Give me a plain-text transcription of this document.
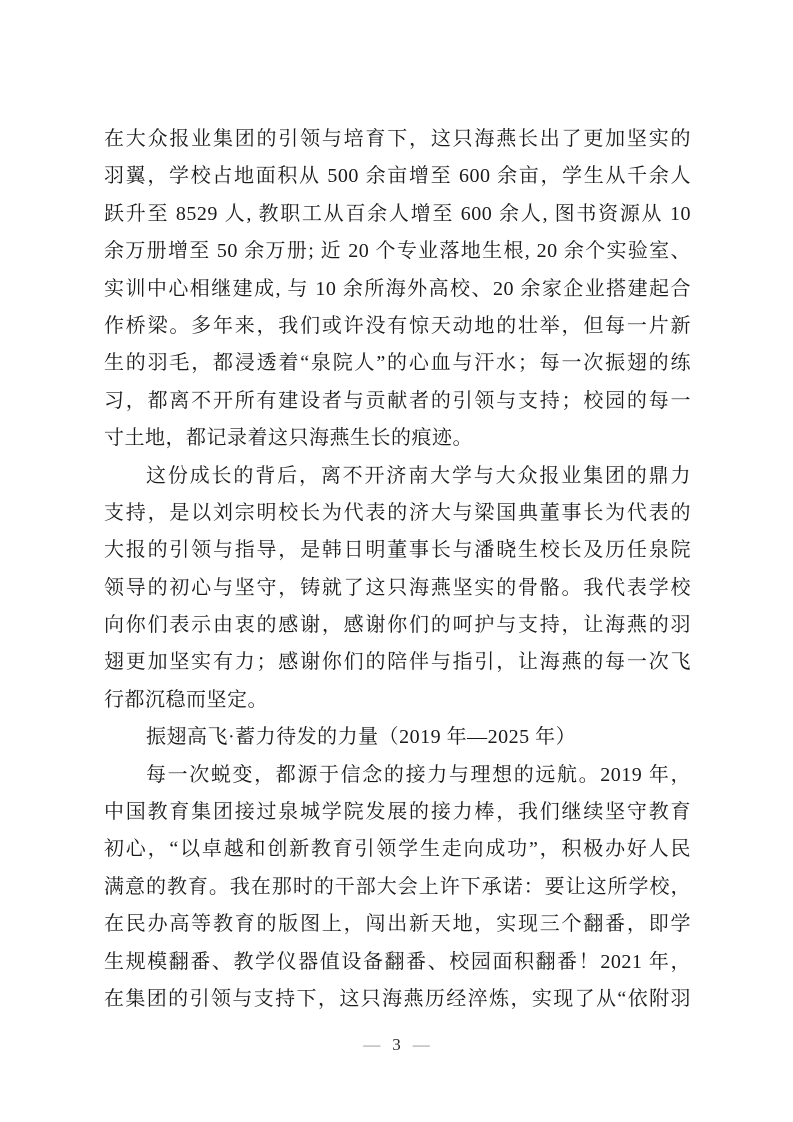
在大众报业集团的引领与培育下，这只海燕长出了更加坚实的
羽翼，学校占地面积从 500 余亩增至 600 余亩，学生从千余人
跃升至 8529 人, 教职工从百余人增至 600 余人, 图书资源从 10
余万册增至 50 余万册; 近 20 个专业落地生根, 20 余个实验室、
实训中心相继建成, 与 10 余所海外高校、20 余家企业搭建起合
作桥梁。多年来，我们或许没有惊天动地的壮举，但每一片新
生的羽毛，都浸透着“泉院人”的心血与汗水；每一次振翅的练
习，都离不开所有建设者与贡献者的引领与支持；校园的每一
寸土地，都记录着这只海燕生长的痕迹。
这份成长的背后，离不开济南大学与大众报业集团的鼎力
支持，是以刘宗明校长为代表的济大与梁国典董事长为代表的
大报的引领与指导，是韩日明董事长与潘晓生校长及历任泉院
领导的初心与坚守，铸就了这只海燕坚实的骨骼。我代表学校
向你们表示由衷的感谢，感谢你们的呵护与支持，让海燕的羽
翅更加坚实有力；感谢你们的陪伴与指引，让海燕的每一次飞
行都沉稳而坚定。
振翅高飞·蓄力待发的力量（2019 年—2025 年）
每一次蜕变，都源于信念的接力与理想的远航。2019 年，
中国教育集团接过泉城学院发展的接力棒，我们继续坚守教育
初心，“以卓越和创新教育引领学生走向成功”，积极办好人民
满意的教育。我在那时的干部大会上许下承诺：要让这所学校，
在民办高等教育的版图上，闯出新天地，实现三个翻番，即学
生规模翻番、教学仪器值设备翻番、校园面积翻番！2021 年，
在集团的引领与支持下，这只海燕历经淬炼，实现了从“依附羽
— 3 —
